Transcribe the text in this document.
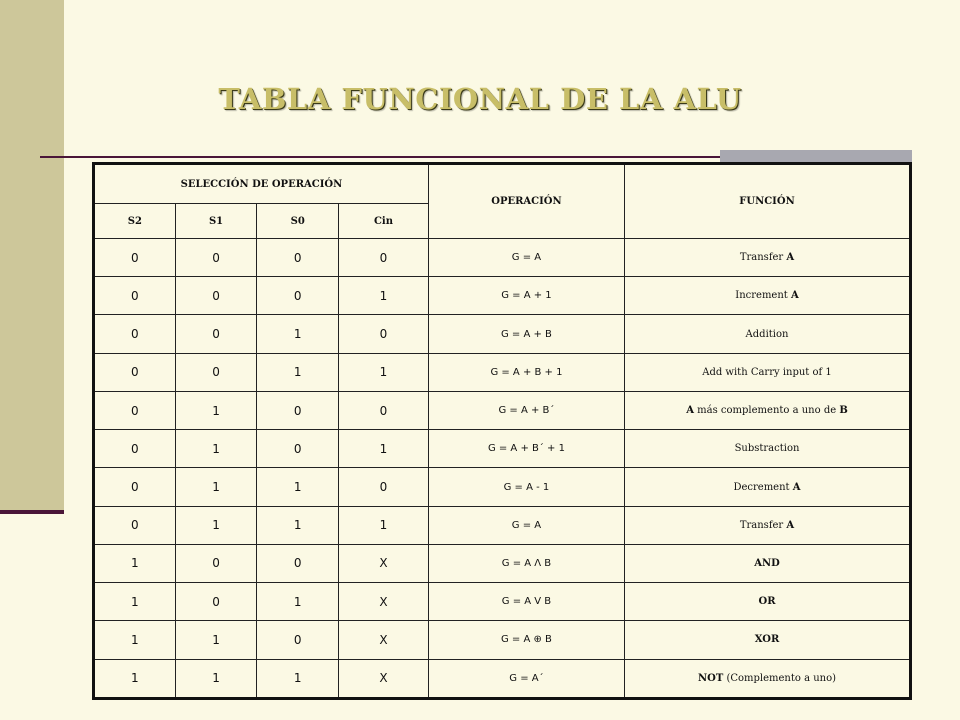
TABLA FUNCIONAL DE LA ALU
SELECCIÓN DE OPERACIÓN				OPERACIÓN	FUNCIÓN
S2	S1	S0	Cin		
0	0	0	0	G = A	Transfer A
0	0	0	1	G = A + 1	Increment A
0	0	1	0	G = A + B	Addition
0	0	1	1	G = A + B + 1	Add with Carry input of 1
0	1	0	0	G = A + B´	A más complemento a uno de B
0	1	0	1	G = A + B´ + 1	Substraction
0	1	1	0	G = A - 1	Decrement A
0	1	1	1	G = A	Transfer A
1	0	0	X	G = A Λ B	AND
1	0	1	X	G = A V B	OR
1	1	0	X	G = A ⊕ B	XOR
1	1	1	X	G = A´	NOT (Complemento a uno)
